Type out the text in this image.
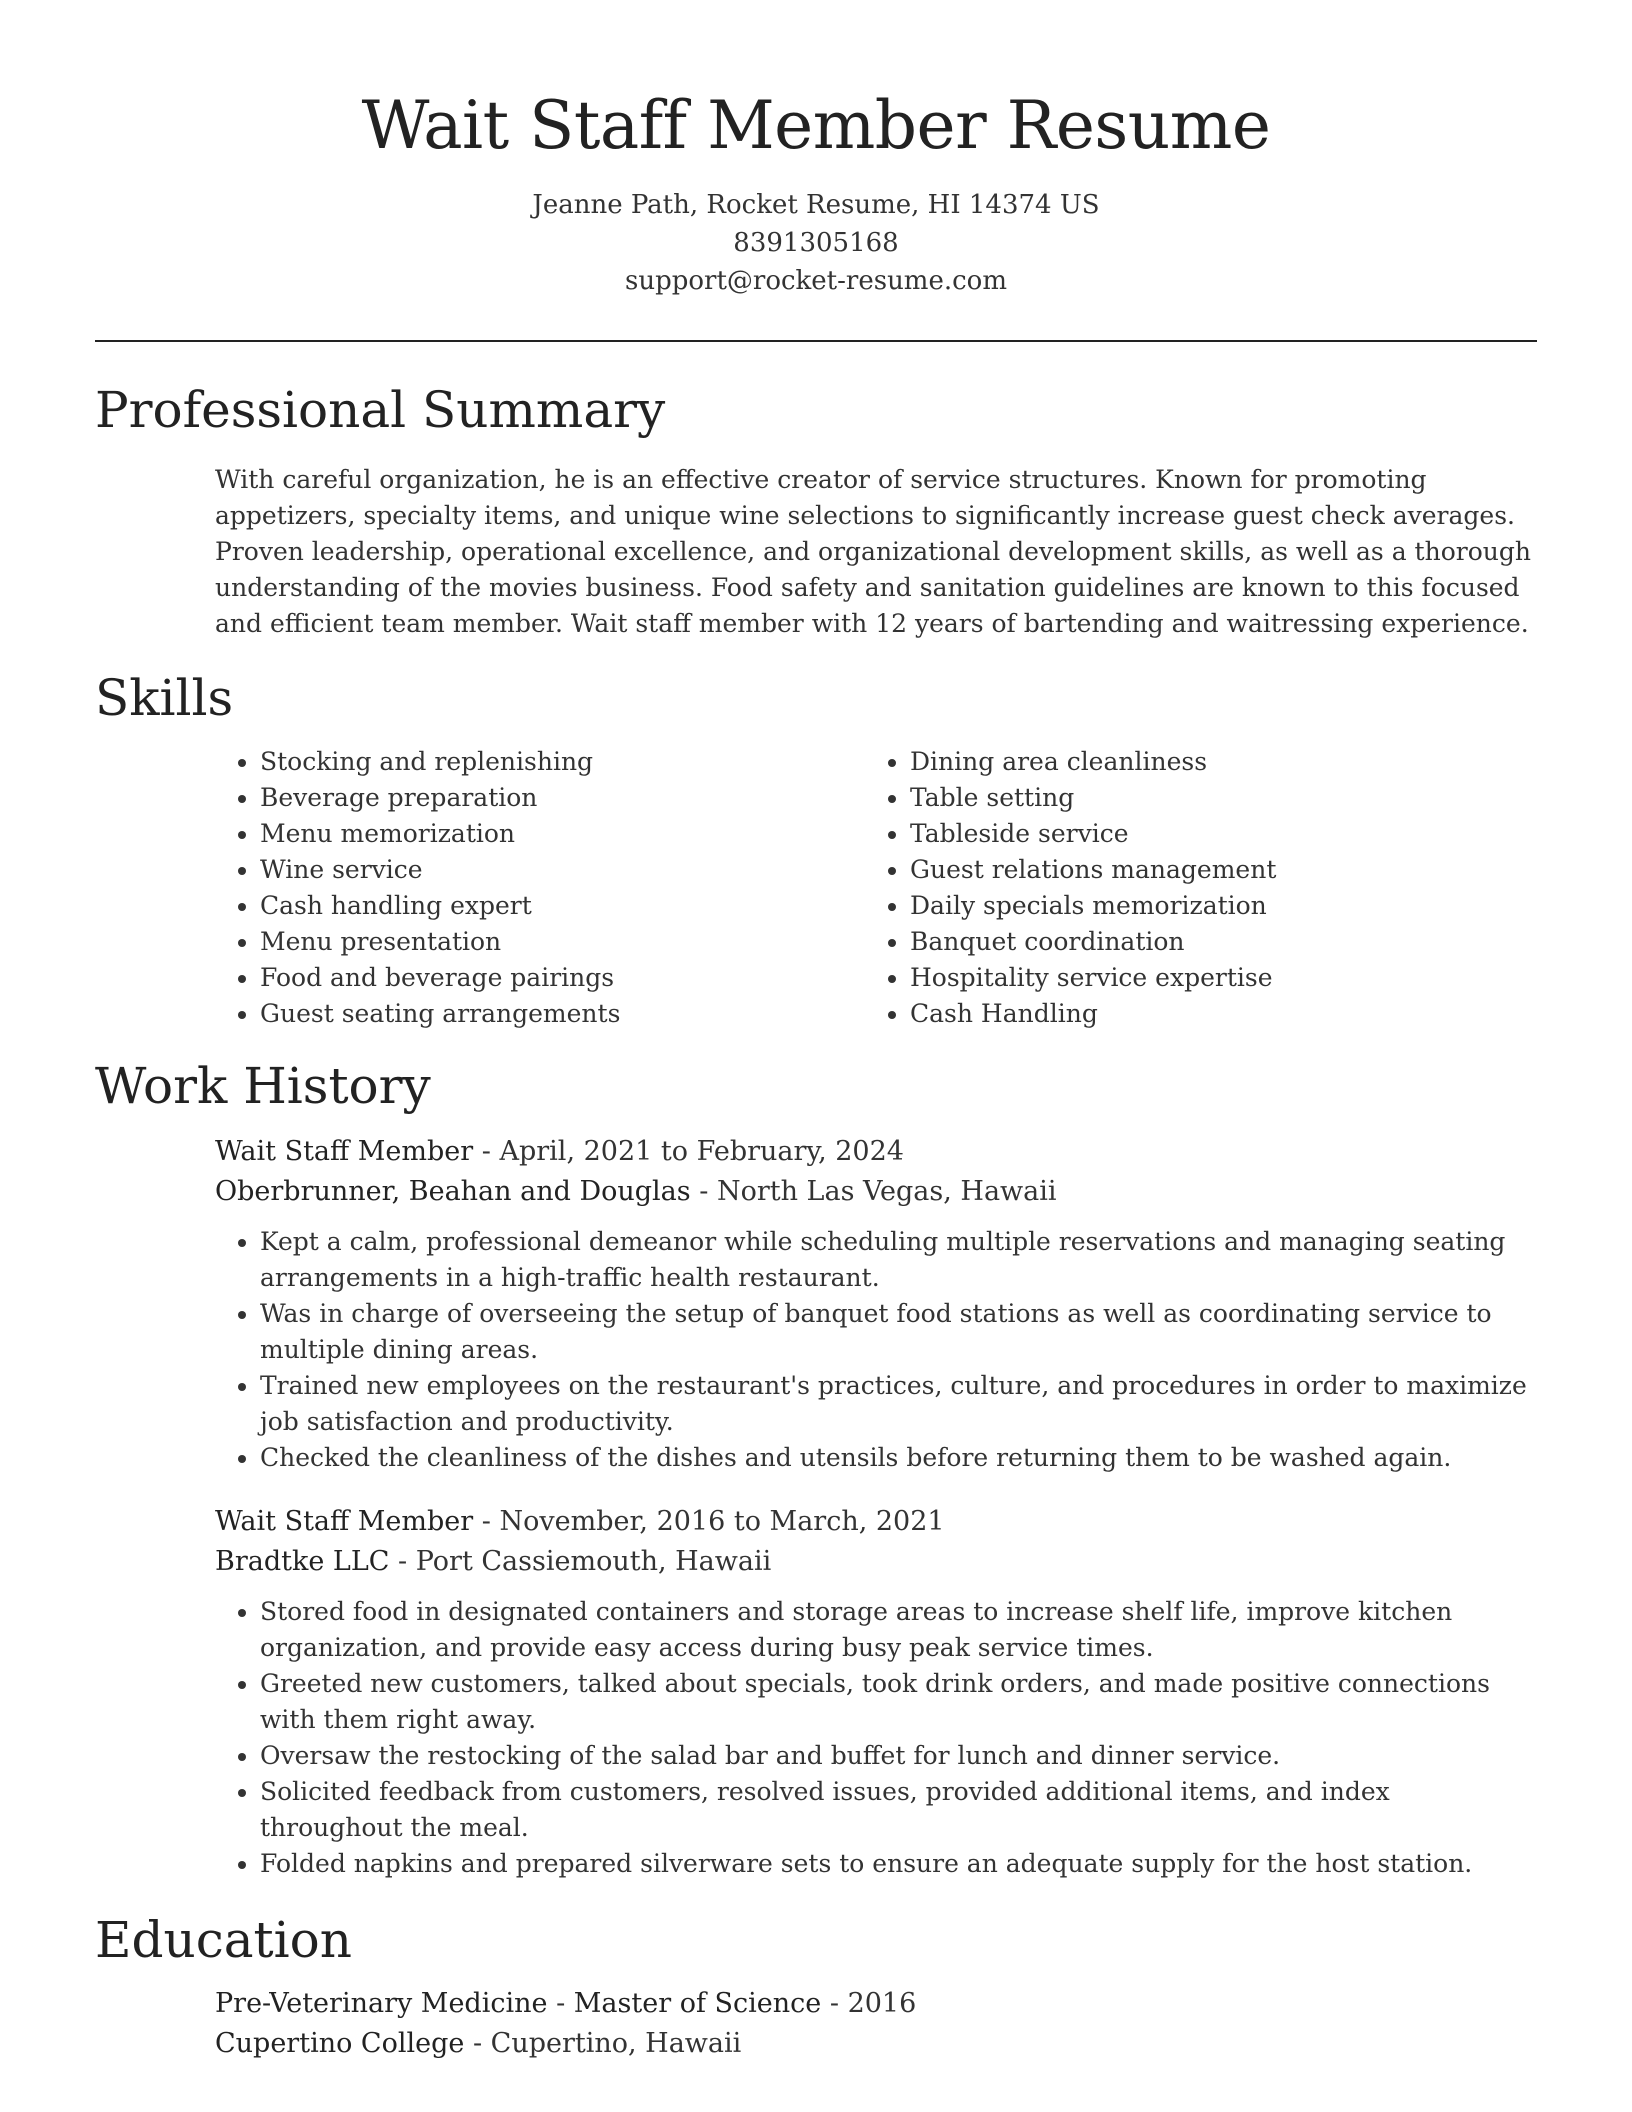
Wait Staff Member Resume
Jeanne Path, Rocket Resume, HI 14374 US
8391305168
support@rocket-resume.com
Professional Summary
With careful organization, he is an effective creator of service structures. Known for promoting appetizers, specialty items, and unique wine selections to significantly increase guest check averages. Proven leadership, operational excellence, and organizational development skills, as well as a thorough understanding of the movies business. Food safety and sanitation guidelines are known to this focused and efficient team member. Wait staff member with 12 years of bartending and waitressing experience.
Skills
• Stocking and replenishing
• Beverage preparation
• Menu memorization
• Wine service
• Cash handling expert
• Menu presentation
• Food and beverage pairings
• Guest seating arrangements
• Dining area cleanliness
• Table setting
• Tableside service
• Guest relations management
• Daily specials memorization
• Banquet coordination
• Hospitality service expertise
• Cash Handling
Work History
Wait Staff Member - April, 2021 to February, 2024
Oberbrunner, Beahan and Douglas - North Las Vegas, Hawaii
• Kept a calm, professional demeanor while scheduling multiple reservations and managing seating arrangements in a high-traffic health restaurant.
• Was in charge of overseeing the setup of banquet food stations as well as coordinating service to multiple dining areas.
• Trained new employees on the restaurant's practices, culture, and procedures in order to maximize job satisfaction and productivity.
• Checked the cleanliness of the dishes and utensils before returning them to be washed again.
Wait Staff Member - November, 2016 to March, 2021
Bradtke LLC - Port Cassiemouth, Hawaii
• Stored food in designated containers and storage areas to increase shelf life, improve kitchen organization, and provide easy access during busy peak service times.
• Greeted new customers, talked about specials, took drink orders, and made positive connections with them right away.
• Oversaw the restocking of the salad bar and buffet for lunch and dinner service.
• Solicited feedback from customers, resolved issues, provided additional items, and index throughout the meal.
• Folded napkins and prepared silverware sets to ensure an adequate supply for the host station.
Education
Pre-Veterinary Medicine - Master of Science - 2016
Cupertino College - Cupertino, Hawaii
